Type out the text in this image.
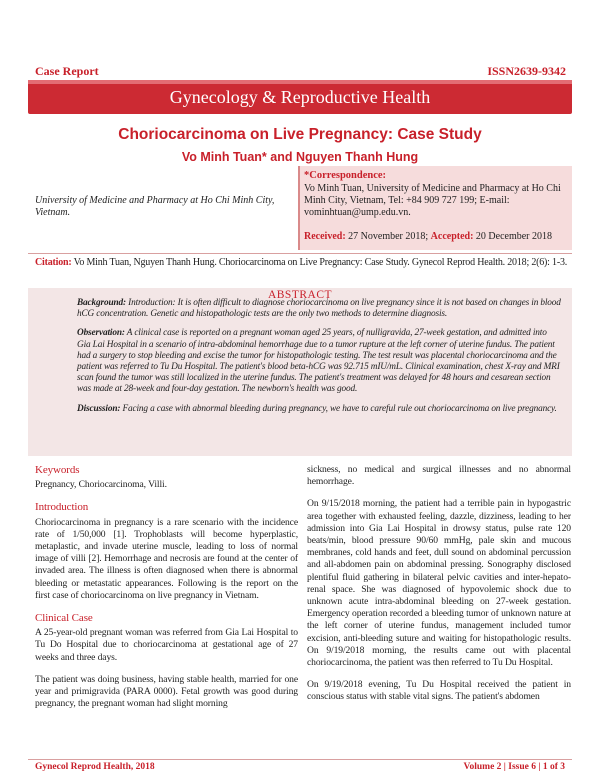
Case Report	ISSN2639-9342
Gynecology & Reproductive Health
Choriocarcinoma on Live Pregnancy: Case Study
Vo Minh Tuan* and Nguyen Thanh Hung
University of Medicine and Pharmacy at Ho Chi Minh City, Vietnam.
*Correspondence:
Vo Minh Tuan, University of Medicine and Pharmacy at Ho Chi Minh City, Vietnam, Tel: +84 909 727 199; E-mail: vominhtuan@ump.edu.vn.
Received: 27 November 2018; Accepted: 20 December 2018
Citation: Vo Minh Tuan, Nguyen Thanh Hung. Choriocarcinoma on Live Pregnancy: Case Study. Gynecol Reprod Health. 2018; 2(6): 1-3.
ABSTRACT

Background: Introduction: It is often difficult to diagnose choriocarcinoma on live pregnancy since it is not based on changes in blood hCG concentration. Genetic and histopathologic tests are the only two methods to determine diagnosis.

Observation: A clinical case is reported on a pregnant woman aged 25 years, of nulligravida, 27-week gestation, and admitted into Gia Lai Hospital in a scenario of intra-abdominal hemorrhage due to a tumor rupture at the left corner of uterine fundus. The patient had a surgery to stop bleeding and excise the tumor for histopathologic testing. The test result was placental choriocarcinoma and the patient was referred to Tu Du Hospital. The patient's blood beta-hCG was 92.715 mIU/mL. Clinical examination, chest X-ray and MRI scan found the tumor was still localized in the uterine fundus. The patient's treatment was delayed for 48 hours and cesarean section was made at 28-week and four-day gestation. The newborn's health was good.

Discussion: Facing a case with abnormal bleeding during pregnancy, we have to careful rule out choriocarcinoma on live pregnancy.

Keywords

Pregnancy, Choriocarcinoma, Villi.

Introduction

Choriocarcinoma in pregnancy is a rare scenario with the incidence rate of 1/50,000 [1]. Trophoblasts will become hyperplastic, metaplastic, and invade uterine muscle, leading to loss of normal image of villi [2]. Hemorrhage and necrosis are found at the center of invaded area. The illness is often diagnosed when there is abnormal bleeding or metastatic appearances. Following is the report on the first case of choriocarcinoma on live pregnancy in Vietnam.

Clinical Case

A 25-year-old pregnant woman was referred from Gia Lai Hospital to Tu Do Hospital due to choriocarcinoma at gestational age of 27 weeks and three days.

The patient was doing business, having stable health, married for one year and primigravida (PARA 0000). Fetal growth was good during pregnancy, the pregnant woman had slight morning

sickness, no medical and surgical illnesses and no abnormal hemorrhage.

On 9/15/2018 morning, the patient had a terrible pain in hypogastric area together with exhausted feeling, dazzle, dizziness, leading to her admission into Gia Lai Hospital in drowsy status, pulse rate 120 beats/min, blood pressure 90/60 mmHg, pale skin and mucous membranes, cold hands and feet, dull sound on abdominal percussion and all-abdomen pain on abdominal pressing. Sonography disclosed plentiful fluid gathering in bilateral pelvic cavities and inter-hepato-renal space. She was diagnosed of hypovolemic shock due to unknown acute intra-abdominal bleeding on 27-week gestation. Emergency operation recorded a bleeding tumor of unknown nature at the left corner of uterine fundus, management included tumor excision, anti-bleeding suture and waiting for histopathologic results. On 9/19/2018 morning, the results came out with placental choriocarcinoma, the patient was then referred to Tu Du Hospital.

On 9/19/2018 evening, Tu Du Hospital received the patient in conscious status with stable vital signs. The patient's abdomen

Gynecol Reprod Health, 2018	Volume 2 | Issue 6 | 1 of 3
